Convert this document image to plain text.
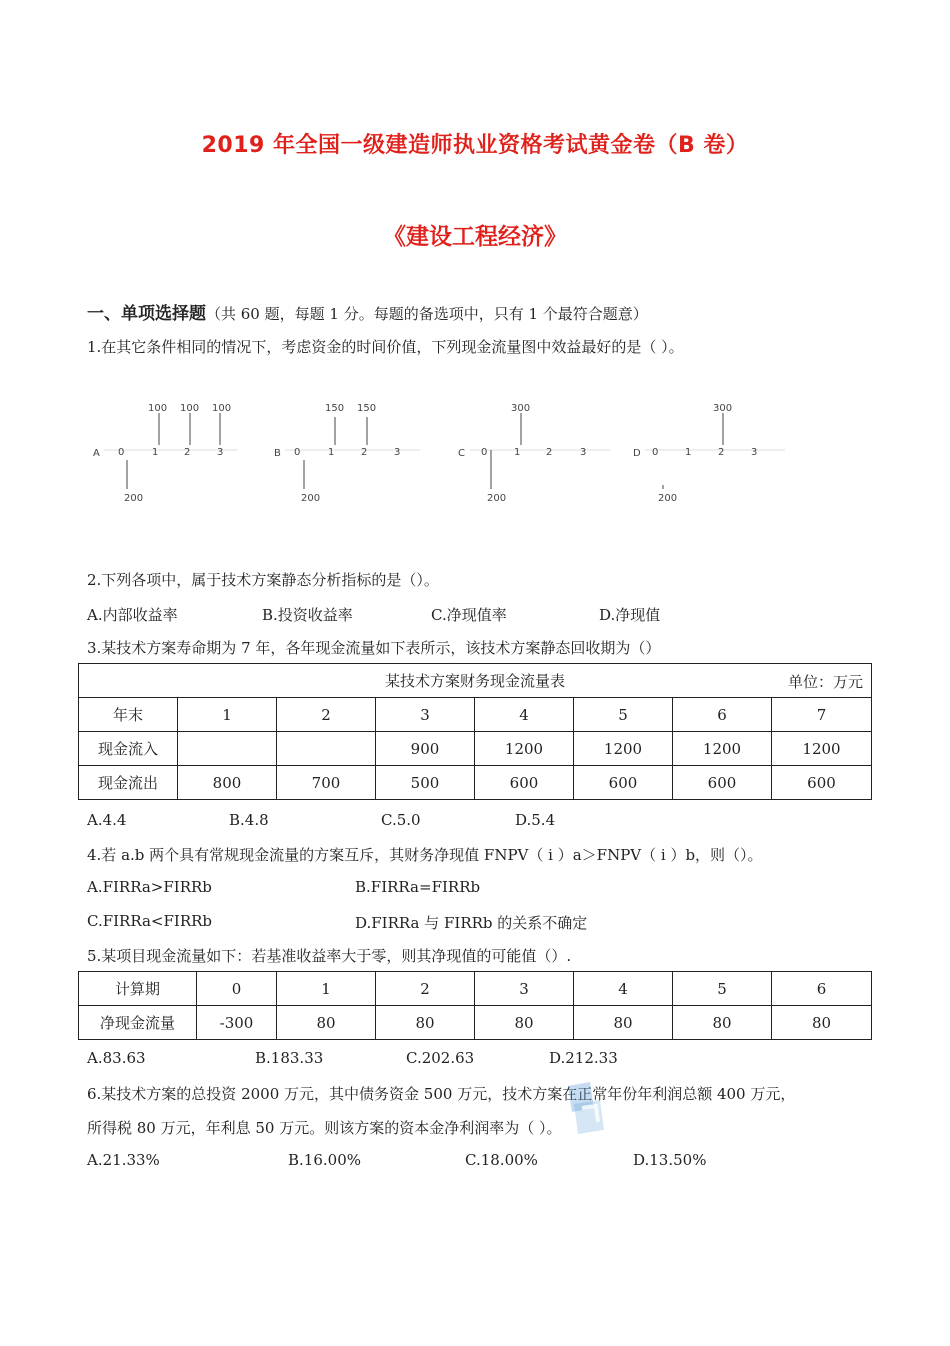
2019 年全国一级建造师执业资格考试黄金卷（B 卷）
《建设工程经济》
一、单项选择题（共 60 题，每题 1 分。每题的备选项中，只有 1 个最符合题意）
1.在其它条件相同的情况下，考虑资金的时间价值，下列现金流量图中效益最好的是（ ）。
A 0	1	2	3
100 100 100
200
B 0	1	2	3
150 150
200
C 0	1	2	3
300
200
D 0	1	2	3
300
200
2.下列各项中，属于技术方案静态分析指标的是（）。
A.内部收益率	B.投资收益率	C.净现值率	D.净现值
3.某技术方案寿命期为 7 年，各年现金流量如下表所示，该技术方案静态回收期为（）
某技术方案财务现金流量表 单位：万元							

年末	1	2	3	4	5	6	7
现金流入			900	1200	1200	1200	1200
现金流出	800	700	500	600	600	600	600
A.4.4	B.4.8	C.5.0	D.5.4
4.若 a.b 两个具有常规现金流量的方案互斥，其财务净现值 FNPV（ i ）a＞FNPV（ i ）b，则（）。
A.FIRRa>FIRRb	B.FIRRa=FIRRb
C.FIRRa<FIRRb	D.FIRRa 与 FIRRb 的关系不确定
5.某项目现金流量如下：若基准收益率大于零，则其净现值的可能值（）.
计算期	0	1	2	3	4	5	6
净现金流量	-300	80	80	80	80	80	80
A.83.63	B.183.33	C.202.63	D.212.33
6.某技术方案的总投资 2000 万元，其中债务资金 500 万元，技术方案在正常年份年利润总额 400 万元，
所得税 80 万元，年利息 50 万元。则该方案的资本金净利润率为（ ）。
A.21.33%	B.16.00%	C.18.00%	D.13.50%
